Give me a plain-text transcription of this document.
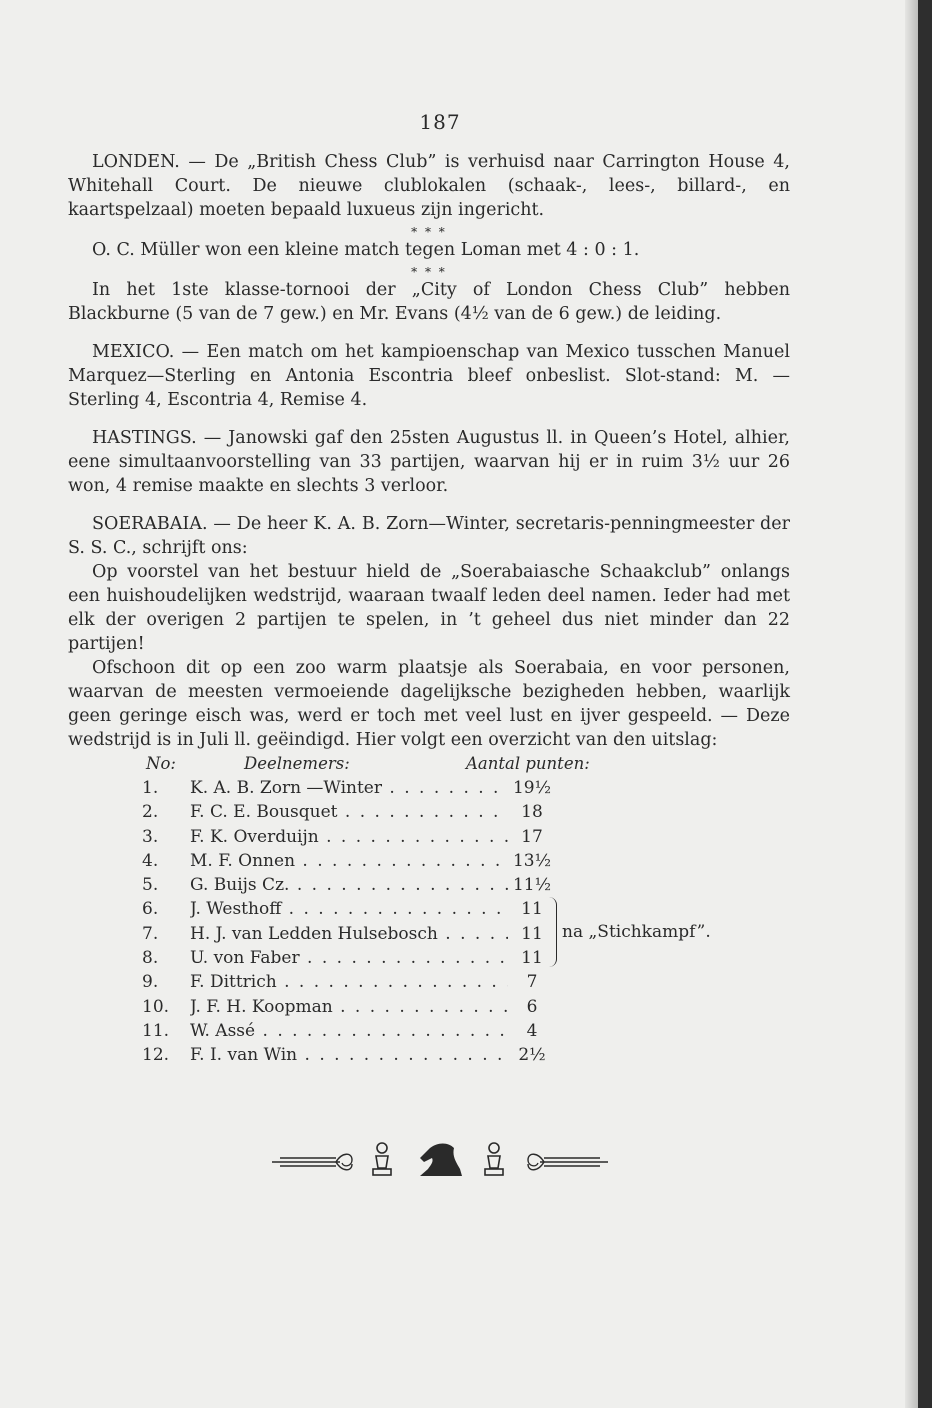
187

LONDEN. — De „British Chess Club” is verhuisd naar Carrington House 4, Whitehall Court. De nieuwe clublokalen (schaak-, lees-, billard-, en kaartspelzaal) moeten bepaald luxueus zijn ingericht.

* * *

O. C. Müller won een kleine match tegen Loman met 4 : 0 : 1.

* * *

In het 1ste klasse-tornooi der „City of London Chess Club” hebben Blackburne (5 van de 7 gew.) en Mr. Evans (4½ van de 6 gew.) de leiding.

MEXICO. — Een match om het kampioenschap van Mexico tusschen Manuel Marquez—Sterling en Antonia Escontria bleef onbeslist. Slot-stand: M. — Sterling 4, Escontria 4, Remise 4.

HASTINGS. — Janowski gaf den 25sten Augustus ll. in Queen’s Hotel, alhier, eene simultaanvoorstelling van 33 partijen, waarvan hij er in ruim 3½ uur 26 won, 4 remise maakte en slechts 3 verloor.

SOERABAIA. — De heer K. A. B. Zorn—Winter, secretaris-penningmeester der S. S. C., schrijft ons:

Op voorstel van het bestuur hield de „Soerabaiasche Schaakclub” onlangs een huishoudelijken wedstrijd, waaraan twaalf leden deel namen. Ieder had met elk der overigen 2 partijen te spelen, in ’t geheel dus niet minder dan 22 partijen!

Ofschoon dit op een zoo warm plaatsje als Soerabaia, en voor personen, waarvan de meesten vermoeiende dagelijksche bezigheden hebben, waarlijk geen geringe eisch was, werd er toch met veel lust en ijver gespeeld. — Deze wedstrijd is in Juli ll. geëindigd. Hier volgt een overzicht van den uitslag:

No:	Deelnemers:	Aantal punten:
1.	K. A. B. Zorn —Winter . . .	19½
2.	F. C. E. Bousquet . . .	18
3.	F. K. Overduijn . . .	17
4.	M. F. Onnen . . .	13½
5.	G. Buijs Cz. . . .	11½
6.	J. Westhoff . . .	11
7.	H. J. van Ledden Hulsebosch . . .	11
8.	U. von Faber . . .	11
na „Stichkampf”.
9.	F. Dittrich . . .	7
10.	J. F. H. Koopman . . .	6
11.	W. Assé . . .	4
12.	F. I. van Win . . .	2½
